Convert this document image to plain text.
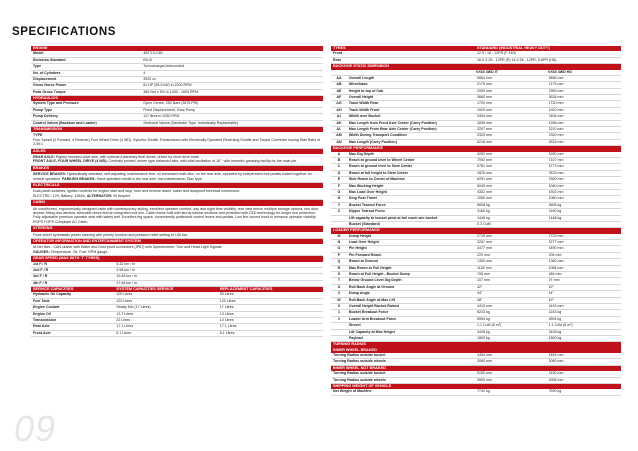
SPECIFICATIONS
ENGINE
Model	4BT3.9-C80
Emission Standard	BS-III
Type	Turbocharged intercooled
No. of Cylinders	4
Displacement	3920 cc
Gross Horse Power	81 HP (59.9 kW) in 2200 RPM
Peak Gross Torque	360 Nm ± 5% in 1400 - 1600 RPM
HYDRAULICS
System Type and Pressure	Open Centre, 250 Bars (3675 PSI)
Pump Type	Fixed Displacement, Gear Pump
Pump Delivery	117 litres in 2250 RPM
Control Valves (Backhoe and Loader)	Sectional Valves (Sandwich Type, Individually Replaceable)
TRANSMISSION
TYPE
Four Speed (4 Forward, 4 Reverse) Four Wheel Drive (4 WD), Synchro Shuttle Transmission with Electrically Operated Reversing Shuttle and Torque Converter having Stall Ratio of 2.59:1
AXLES
REAR AXLE: Rigidly mounted drive axle, with outboard planetary final drives, driven by short drive shaft.
FRONT AXLE- FOUR WHEEL DRIVE (4 WD): Centrally pivoted, driven type balanced axle, with total oscillation of 16°, with hermetic greasing facility for the main pin.
BRAKES
SERVICE BRAKES: Hydraulically actuated, self-adjusting, maintenance free, oil immersed multi-disc, on the rear axle, operated by independent foot pedals locked together for normal operation. PARKING BRAKES: Hand operated rebuilt in the rear axle, low maintenance, Disc type.
ELECTRICALS
Dual-panel switches, ignition controls for engine start and stop, horn and reverse alarm, saber and dustproof electrical connectors.
ELECTRIC: 12V; Battery: 135Ah; ALTERNATOR: 90 Ampere
CABIN
Air conditioned, ergonomically designed cabin with contemporary styling, excellent operator comfort, day and night time visibility, rear view mirror, multiple storage options, two door access, tilting rear window, steerable doors and an integrated tool box. Cabin frame built with sturdy tubular sections and protected with CED technology for longer rust protection. Fully adjustable premium operator seat with safety belt. Excellent leg space, conveniently positioned control levers and pedals. Low line curved hood to enhance operator visibility. ROPS FOPS Compliant AC Cabin.
STEERING
Front wheel hydrostatic power steering with priority function and pressure relief setting of 145 bar.
OPERATOR INFORMATION AND ENTERTAINMENT SYSTEM
M-Net Nav - CAN cluster with Water and Dust proof connectors (IP67) with Speedometer, Turn and Head Light Signals.
GAUGES: Temperature, Oil, Fuel, RPM gauge.
GEAR SPEED (MAX WITH 'T' TYRES)
1st F / R	5.32 km / hr
2nd F / R	9.58 km / hr
3rd F / R	19.83 km / hr
4th F / R	37.84 km / hr
SERVICE CAPACITIES	SYSTEM CAPACITIES SERVICE	REPLACEMENT CAPACITIES
Hydraulic Oil Capacity	100 Litres	50 Litres
Fuel Tank	120 Litres	120 Litres
Engine Coolant	Ready Mix (17 Litres)	17 Litres
Engine Oil	13.7 Litres	13 Litres
Transmission	22 Litres	14 Litres
Rear Axle	17.1 Litres	17.1 Litres
Front Axle	8.1 Litres	8.1 Litres
TYRES	STANDARD (INDUSTRIAL HEAVY DUTY)
Front	12.5 / 18 - 12PR (F-163)
Rear	16.9 X 28 - 12PR (R) 14.9 28 - 12PR, 9-6PR (HD)
BACKHOE STATIC DIMENSION
VX60 4WD IT	VX60 4WD HD
AA	Overall Length	5864 mm	5856 mm
AB	Wheelbase	2175 mm	2175 mm
AE	Height to top of Cab	2950 mm	2950 mm
AF	Overall Height	3660 mm	3634 mm
AG	Track Width Rear	1720 mm	1720 mm
AH	Track Width Front	1920 mm	1920 mm
AJ	Width over Bucket	2404 mm	2404 mm
AK	Max Length from Front Axle Center (Carry Position)	1836 mm	1936 mm
AL	Max Length From Rear Axle Center (Carry Position)	3207 mm	3210 mm
AM	Width During Transport Condition	2320 mm	2320 mm
AN	Max Length (Carry Position)	5218 mm	5515 mm
BACKHOE PERFORMANCE
A	Max Dig Depth	4252 mm	4250 mm
B	Reach at ground level to Wheel Center	7092 mm	7107 mm
C	Reach at ground level to Slew Center	5761 mm	5773 mm
D	Reach at full height to Slew Center	2876 mm	2876 mm
E	Side Reach to Center of Machine	6291 mm	6300 mm
F	Max Working Height	6040 mm	6040 mm
G	Max Load Over Height	4302 mm	4302 mm
H	King Post Travel	1080 mm	1080 mm
Y	Bucket Tearout Force	5608 kg	5608 kg
Z	Dipper Tearout Force	3160 kg	3160 kg
Lift capacity to bucket pivot at full reach w/o bucket	1448 kg	1448 kg
Bucket (Standard)	0.3 CuM
LOADER PERFORMANCE
M	Dump Height	2715 mm	2723 mm
N	Load Over Height	3267 mm	3277 mm
O	Pin Height	3477 mm	3490 mm
P	Pin Forward Reach	220 mm	204 mm
Q	Reach at Ground	1350 mm	1360 mm
R	Max Reach at Full Height	1130 mm	1084 mm
S	Reach at Full Height - Bucket Dump	706 mm	684 mm
T	Below Ground Level Dig Depth	107 mm	97 mm
U	Roll Back Angle at Ground	42°	42°
V	Dump Angle	44°	44°
W	Roll Back Angle at Max Lift	48°	49°
X	Overall Height Bucket Raised	4415 mm	4415 mm
1	Bucket Breakout Force	6243 kg	6243 kg
2	Loader Arm Breakout Force	5594 kg	5594 kg
Shovel	1.1 CuM (8 m³)	1.1 CuM (8 m³)
Lift Capacity at Max Height	3428 kg	3428 kg
Payload	1800 kg	1800 kg
TURNING RADIUS
INNER WHEEL BRAKED
Turning Radius outside bucket	4454 mm	4454 mm
Turning Radius outside wheels	3080 mm	3080 mm
INNER WHEEL NOT BRAKED
Turning Radius outside bucket	5150 mm	5150 mm
Turning Radius outside wheels	3905 mm	3905 mm
SHIPPING WEIGHT OF VEHICLE
Net Weight of Machine	7742 kg	7590 kg
09
